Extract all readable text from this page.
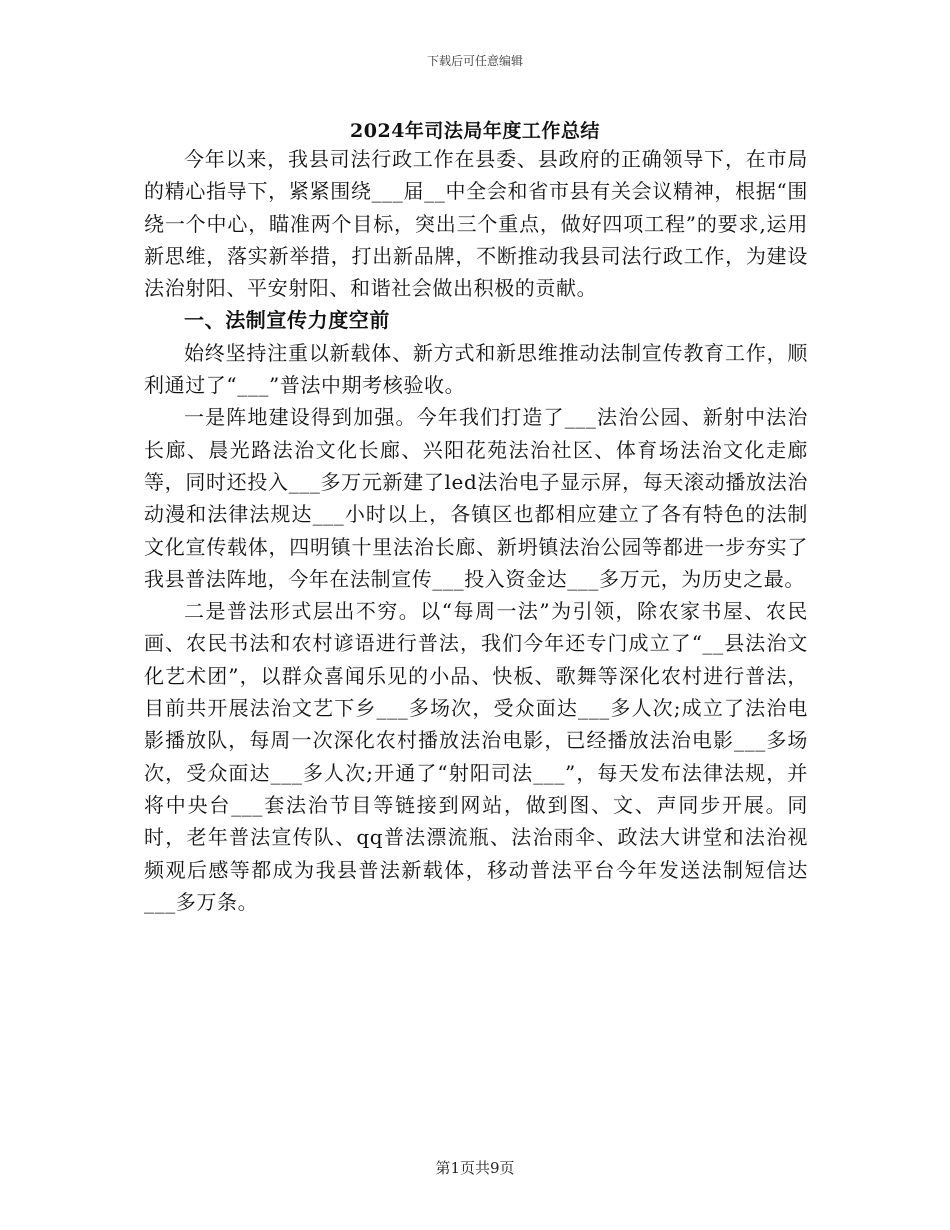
下载后可任意编辑
2024年司法局年度工作总结

今年以来，我县司法行政工作在县委、县政府的正确领导下，在市局的精心指导下，紧紧围绕___届__中全会和省市县有关会议精神，根据“围绕一个中心，瞄准两个目标，突出三个重点，做好四项工程”的要求,运用新思维，落实新举措，打出新品牌，不断推动我县司法行政工作，为建设法治射阳、平安射阳、和谐社会做出积极的贡献。

一、法制宣传力度空前

始终坚持注重以新载体、新方式和新思维推动法制宣传教育工作，顺利通过了“___”普法中期考核验收。

一是阵地建设得到加强。今年我们打造了___法治公园、新射中法治长廊、晨光路法治文化长廊、兴阳花苑法治社区、体育场法治文化走廊等，同时还投入___多万元新建了led法治电子显示屏，每天滚动播放法治动漫和法律法规达___小时以上，各镇区也都相应建立了各有特色的法制文化宣传载体，四明镇十里法治长廊、新坍镇法治公园等都进一步夯实了我县普法阵地，今年在法制宣传___投入资金达___多万元，为历史之最。

二是普法形式层出不穷。以“每周一法”为引领，除农家书屋、农民画、农民书法和农村谚语进行普法，我们今年还专门成立了“__县法治文化艺术团”，以群众喜闻乐见的小品、快板、歌舞等深化农村进行普法，目前共开展法治文艺下乡___多场次，受众面达___多人次;成立了法治电影播放队，每周一次深化农村播放法治电影，已经播放法治电影___多场次，受众面达___多人次;开通了“射阳司法___”，每天发布法律法规，并将中央台___套法治节目等链接到网站，做到图、文、声同步开展。同时，老年普法宣传队、qq普法漂流瓶、法治雨伞、政法大讲堂和法治视频观后感等都成为我县普法新载体，移动普法平台今年发送法制短信达___多万条。

第1页共9页
